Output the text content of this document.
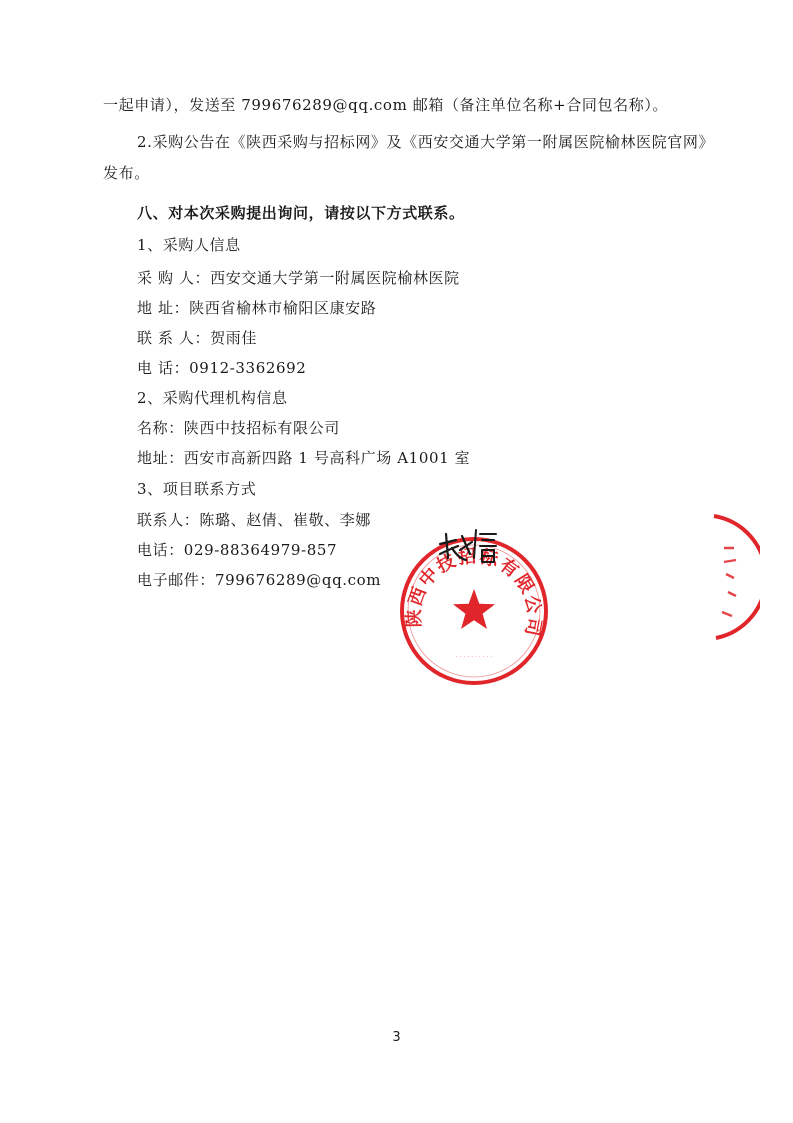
一起申请），发送至 799676289@qq.com 邮箱（备注单位名称+合同包名称）。
2.采购公告在《陕西采购与招标网》及《西安交通大学第一附属医院榆林医院官网》
发布。
八、对本次采购提出询问，请按以下方式联系。
1、采购人信息
采 购 人：西安交通大学第一附属医院榆林医院
地 址：陕西省榆林市榆阳区康安路
联 系 人：贺雨佳
电 话：0912-3362692
2、采购代理机构信息
名称：陕西中技招标有限公司
地址：西安市高新四路 1 号高科广场 A1001 室
3、项目联系方式
联系人：陈璐、赵倩、崔敬、李娜
电话：029-88364979-857
电子邮件：799676289@qq.com
3
陕西中技招标有限公司
· · · · · · · · · ·
